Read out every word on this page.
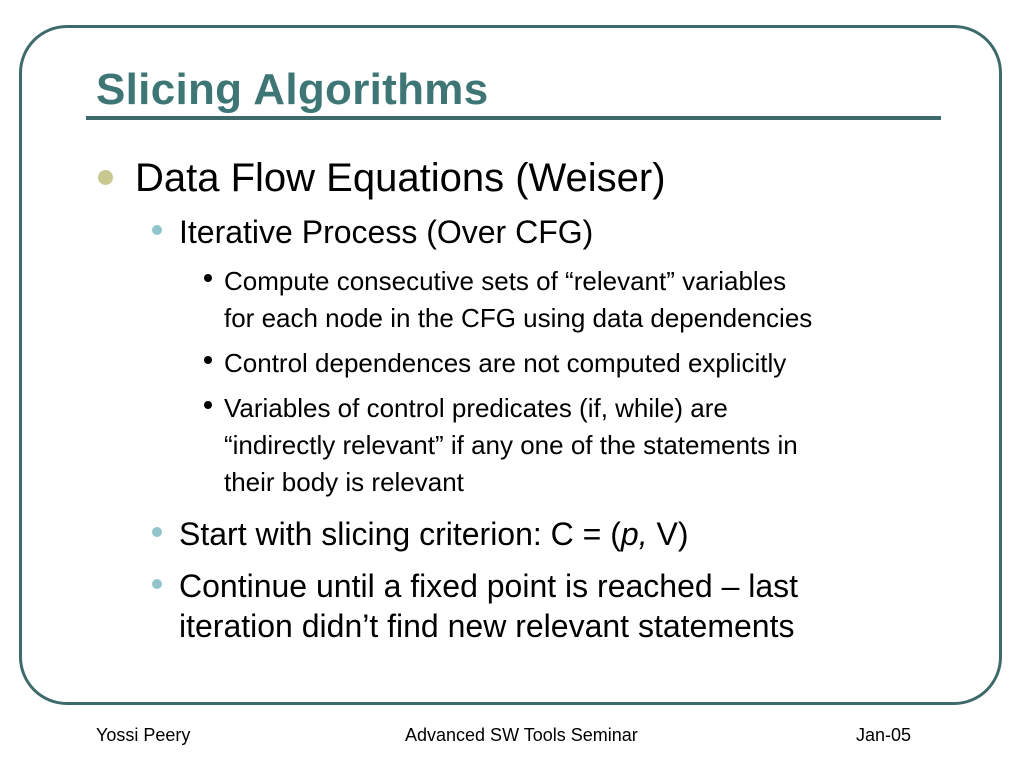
Slicing Algorithms
Data Flow Equations (Weiser)
Iterative Process (Over CFG)
Compute consecutive sets of “relevant” variables
for each node in the CFG using data dependencies
Control dependences are not computed explicitly
Variables of control predicates (if, while) are
“indirectly relevant” if any one of the statements in
their body is relevant
Start with slicing criterion: C = (p, V)
Continue until a fixed point is reached – last
iteration didn’t find new relevant statements
Yossi Peery	Advanced SW Tools Seminar	Jan-05
